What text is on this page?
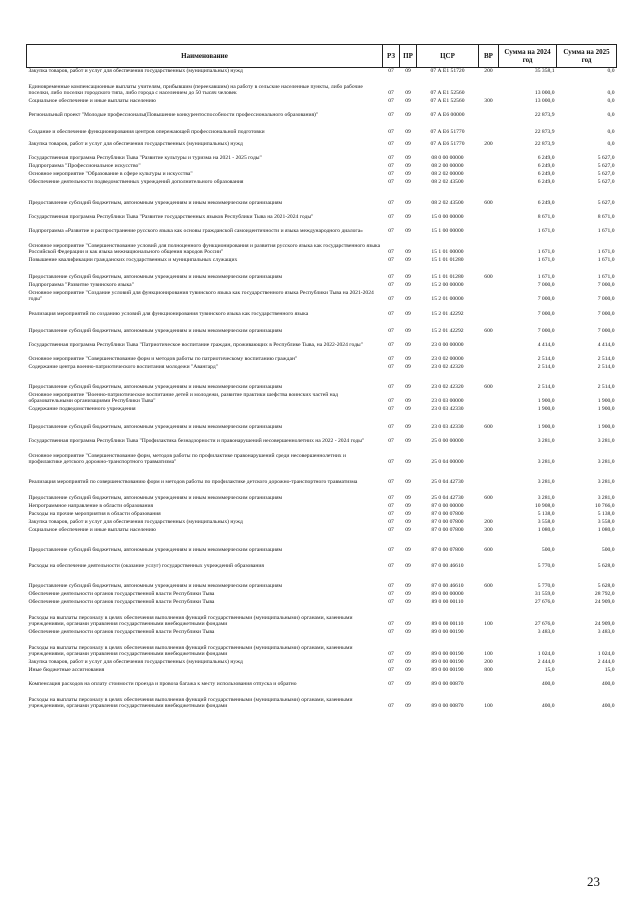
Наименование	РЗ	ПР	ЦСР	ВР	Сумма на 2024 год	Сумма на 2025 год
Закупка товаров, работ и услуг для обеспечения государственных (муниципальных) нужд	07	09	07 А Е1 51720	200	35 358,1	0,0
Единовременные компенсационные выплаты учителям, прибывшим (переехавшим) на работу в сельские населенные пункты, либо рабочие поселки, либо поселки городского типа, либо города с населением до 50 тысяч человек	07	09	07 А Е1 52560		13 000,0	0,0
Социальное обеспечение и иные выплаты населению	07	09	07 А Е1 52560	300	13 000,0	0,0
Региональный проект "Молодые профессионалы(Повышение конкурентоспособности профессионального образования)"	07	09	07 А Е6 00000		22 873,9	0,0
Создание и обеспечение функционирования центров опережающей профессиональной подготовки	07	09	07 А Е6 51770		22 873,9	0,0
Закупка товаров, работ и услуг для обеспечения государственных (муниципальных) нужд	07	09	07 А Е6 51770	200	22 873,9	0,0
Государственная программа Республики Тыва "Развитие культуры и туризма на 2021 - 2025 годы"	07	09	08 0 00 00000		6 249,0	5 627,0
Подпрограмма "Профессиональное искусство"	07	09	08 2 00 00000		6 249,0	5 627,0
Основное мероприятие "Образование в сфере культуры и искусства"	07	09	08 2 02 00000		6 249,0	5 627,0
Обеспечение деятельности подведомственных учреждений дополнительного образования	07	09	08 2 02 43500		6 249,0	5 627,0
Предоставление субсидий бюджетным, автономным учреждениям и иным некоммерческим организациям	07	09	08 2 02 43500	600	6 249,0	5 627,0
Государственная программа Республики Тыва "Развитие государственных языков Республики Тыва на 2021-2024 годы"	07	09	15 0 00 00000		8 671,0	8 671,0
Подпрограмма «Развитие и распространение русского языка как основы гражданской самоидентичности и языка международного диалога»	07	09	15 1 00 00000		1 671,0	1 671,0
Основное мероприятие "Совершенствование условий для полноценного функционирования и развития русского языка как государственного языка Российской Федерации и как языка межнационального общения народов России"	07	09	15 1 01 00000		1 671,0	1 671,0
Повышение квалификации гражданских государственных и муниципальных служащих	07	09	15 1 01 01280		1 671,0	1 671,0
Предоставление субсидий бюджетным, автономным учреждениям и иным некоммерческим организациям	07	09	15 1 01 01280	600	1 671,0	1 671,0
Подпрограмма "Развитие тувинского языка"	07	09	15 2 00 00000		7 000,0	7 000,0
Основное мероприятие "Создание условий для функционирования тувинского языка как государственного языка Республики Тыва на 2021-2024 годы"	07	09	15 2 01 00000		7 000,0	7 000,0
Реализация мероприятий по созданию условий для функционирования тувинского языка как государственного языка	07	09	15 2 01 42292		7 000,0	7 000,0
Предоставление субсидий бюджетным, автономным учреждениям и иным некоммерческим организациям	07	09	15 2 01 42292	600	7 000,0	7 000,0
Государственная программа Республики Тыва "Патриотическое воспитание граждан, проживающих в Республике Тыва, на 2022-2024 годы"	07	09	23 0 00 00000		4 414,0	4 414,0
Основное мероприятие "Совершенствование форм и методов работы по патриотическому воспитанию граждан"	07	09	23 0 02 00000		2 514,0	2 514,0
Содержание центра военно-патриотического воспитания молодежи "Авангард"	07	09	23 0 02 42320		2 514,0	2 514,0
Предоставление субсидий бюджетным, автономным учреждениям и иным некоммерческим организациям	07	09	23 0 02 42320	600	2 514,0	2 514,0
Основное мероприятие "Военно-патриотическое воспитание детей и молодежи, развитие практики шефства воинских частей над образовательными организациями Республики Тыва"	07	09	23 0 03 00000		1 900,0	1 900,0
Содержание подведомственного учреждения	07	09	23 0 03 42330		1 900,0	1 900,0
Предоставление субсидий бюджетным, автономным учреждениям и иным некоммерческим организациям	07	09	23 0 03 42330	600	1 900,0	1 900,0
Государственная программа Республики Тыва "Профилактика безнадзорности и правонарушений несовершеннолетних на 2022 - 2024 годы"	07	09	25 0 00 00000		3 281,0	3 281,0
Основное мероприятие "Совершенствование форм, методов работы по профилактике правонарушений среди несовершеннолетних и профилактике детского дорожно-транспортного травматизма"	07	09	25 0 04 00000		3 281,0	3 281,0
Реализация мероприятий по совершенствованию форм и методов работы по профилактике детского дорожно-транспортного травматизма	07	09	25 0 04 42730		3 281,0	3 281,0
Предоставление субсидий бюджетным, автономным учреждениям и иным некоммерческим организациям	07	09	25 0 04 42730	600	3 281,0	3 281,0
Непрограммное направление в области образования	07	09	87 0 00 00000		10 908,0	10 766,0
Расходы на прочие мероприятия в области образования	07	09	87 0 00 07800		5 138,0	5 138,0
Закупка товаров, работ и услуг для обеспечения государственных (муниципальных) нужд	07	09	87 0 00 07800	200	3 558,0	3 558,0
Социальное обеспечение и иные выплаты населению	07	09	87 0 00 07800	300	1 080,0	1 080,0
Предоставление субсидий бюджетным, автономным учреждениям и иным некоммерческим организациям	07	09	87 0 00 07800	600	500,0	500,0
Расходы на обеспечение деятельности (оказание услуг) государственных учреждений образования	07	09	87 0 00 46610		5 770,0	5 628,0
Предоставление субсидий бюджетным, автономным учреждениям и иным некоммерческим организациям	07	09	87 0 00 46610	600	5 770,0	5 628,0
Обеспечение деятельности органов государственной власти Республики Тыва	07	09	89 0 00 00000		31 559,0	28 792,0
Обеспечение деятельности органов государственной власти Республики Тыва	07	09	89 0 00 00110		27 676,0	24 909,0
Расходы на выплаты персоналу в целях обеспечения выполнения функций государственными (муниципальными) органами, казенными учреждениями, органами управления государственными внебюджетными фондами	07	09	89 0 00 00110	100	27 676,0	24 909,0
Обеспечение деятельности органов государственной власти Республики Тыва	07	09	89 0 00 00190		3 483,0	3 483,0
Расходы на выплаты персоналу в целях обеспечения выполнения функций государственными (муниципальными) органами, казенными учреждениями, органами управления государственными внебюджетными фондами	07	09	89 0 00 00190	100	1 024,0	1 024,0
Закупка товаров, работ и услуг для обеспечения государственных (муниципальных) нужд	07	09	89 0 00 00190	200	2 444,0	2 444,0
Иные бюджетные ассигнования	07	09	89 0 00 00190	800	15,0	15,0
Компенсация расходов на оплату стоимости проезда и провоза багажа к месту использования отпуска и обратно	07	09	89 0 00 00870		400,0	400,0
Расходы на выплаты персоналу в целях обеспечения выполнения функций государственными (муниципальными) органами, казенными учреждениями, органами управления государственными внебюджетными фондами	07	09	89 0 00 00870	100	400,0	400,0
23
